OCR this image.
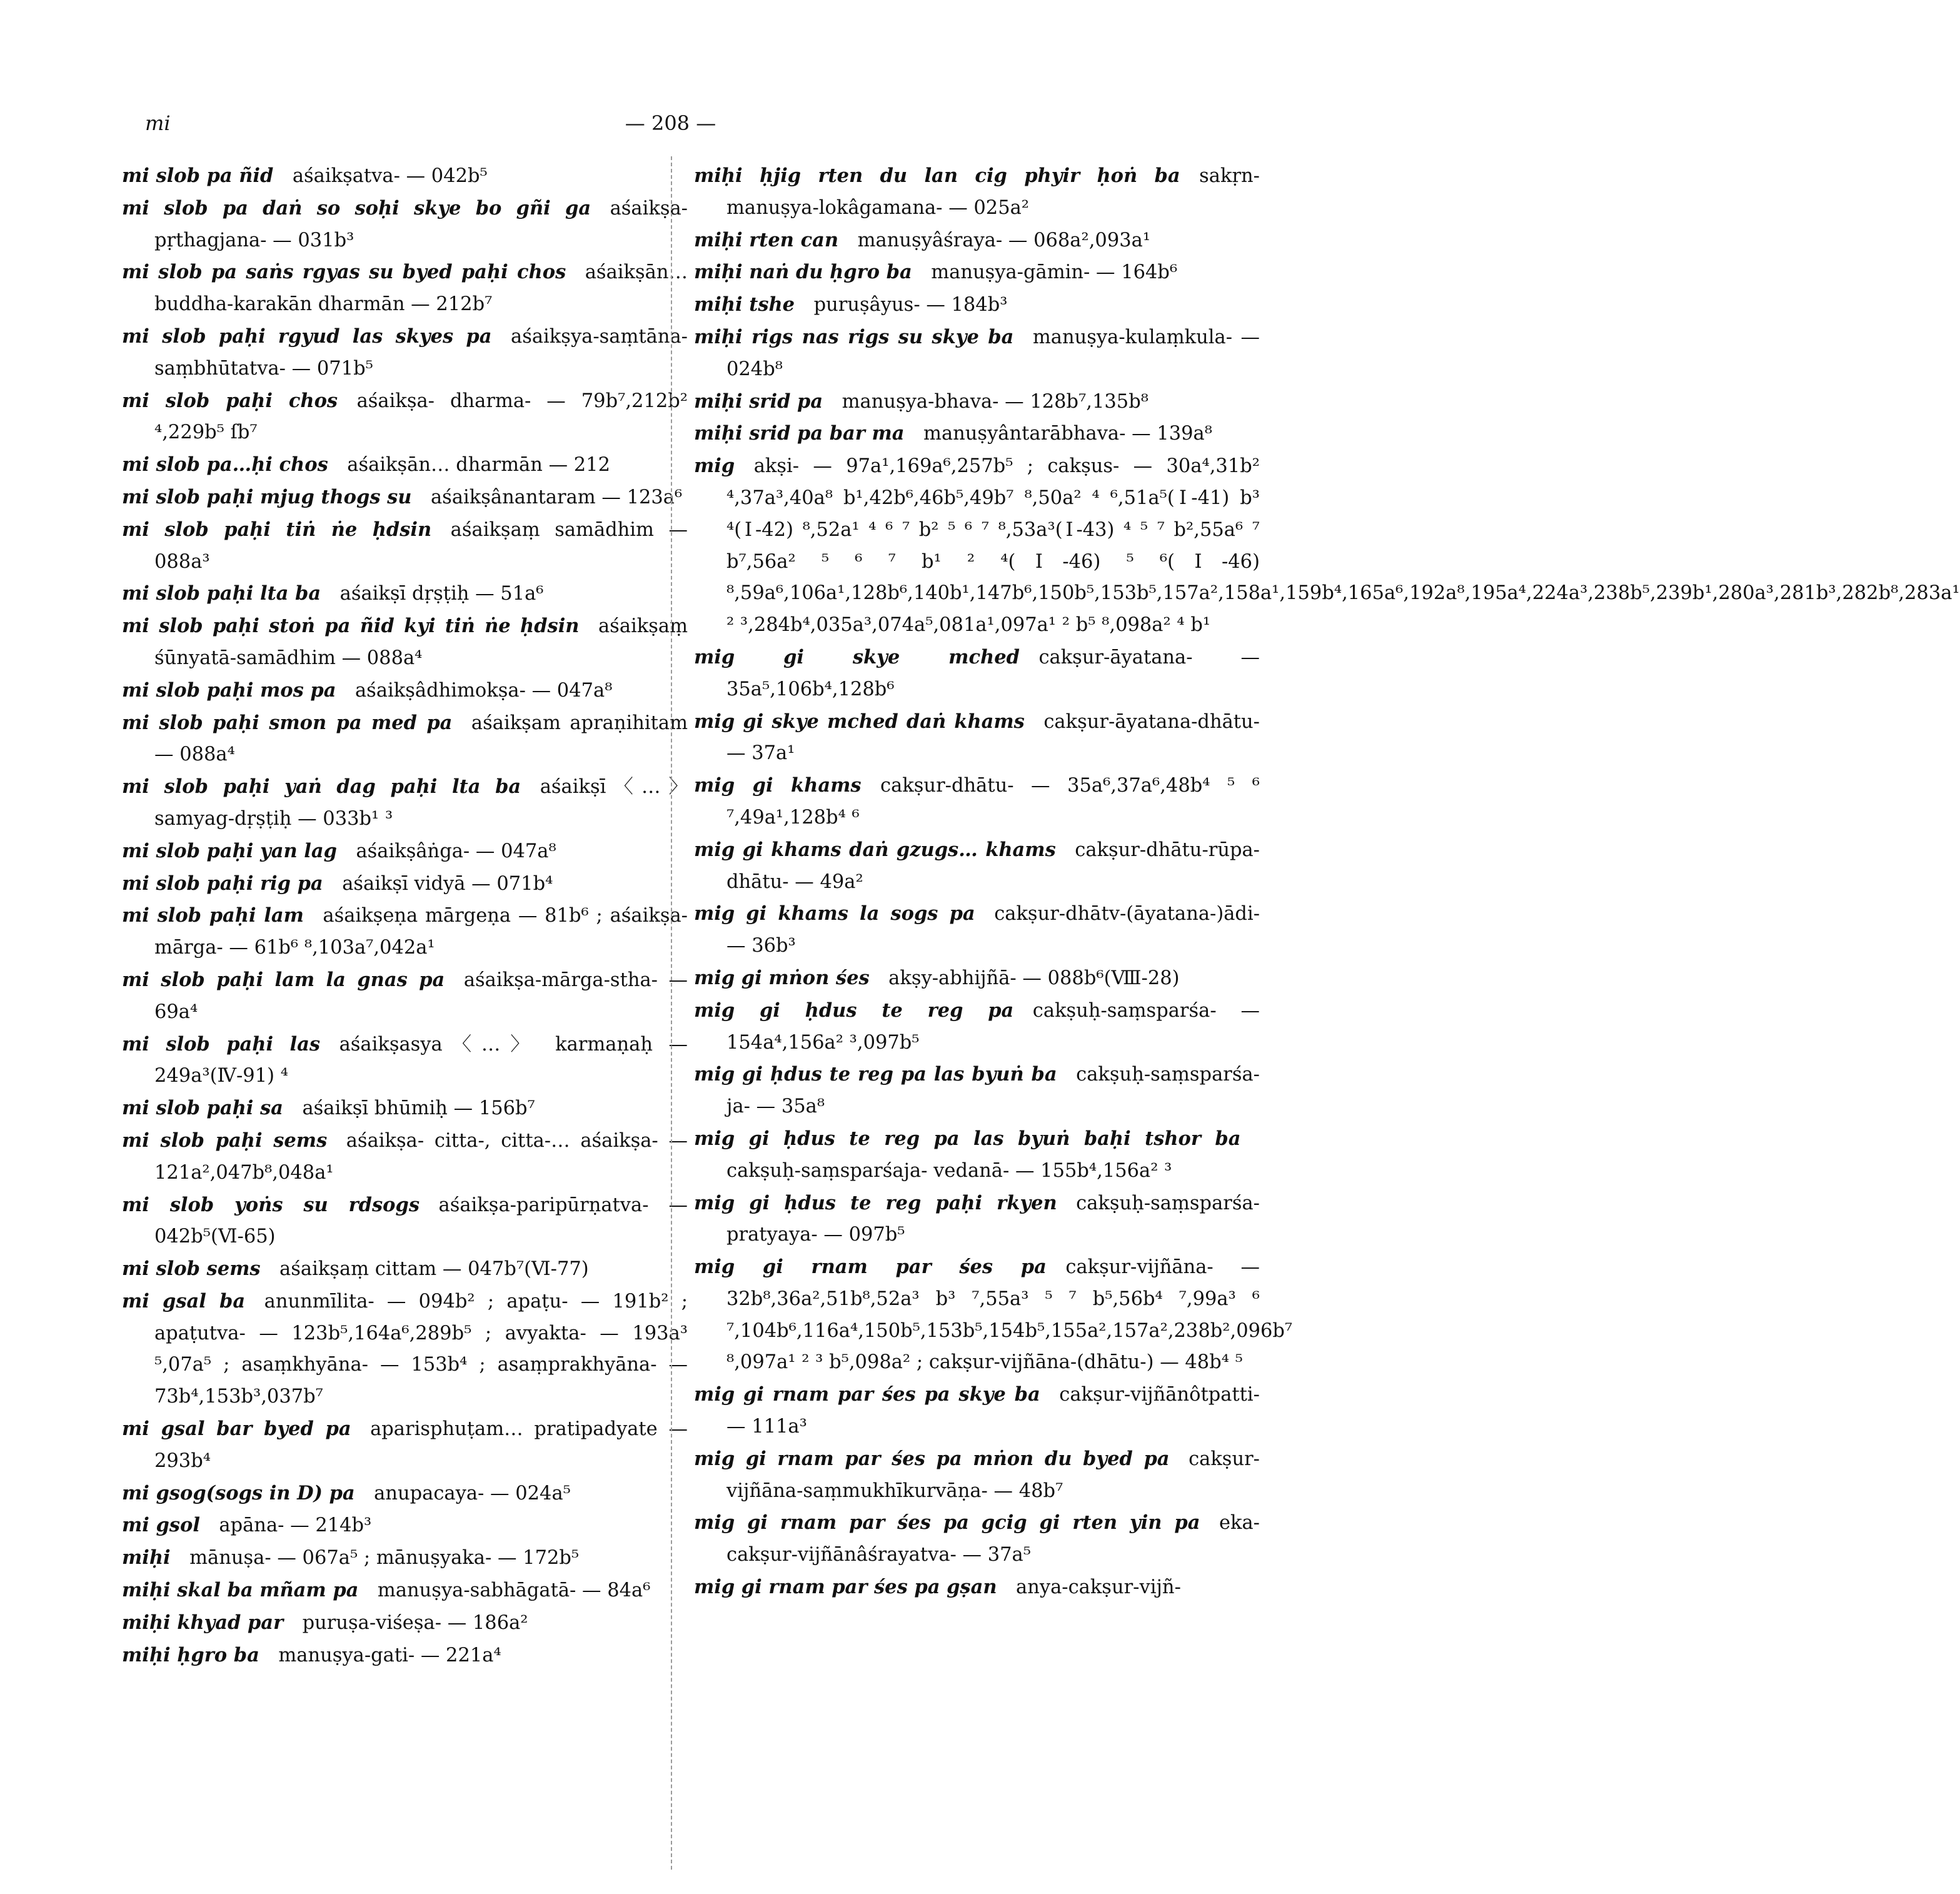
mi	— 208 —

mi slob pa ñid  aśaikṣatva- — 042b⁵

mi slob pa daṅ so soḥi skye bo gñi ga  aśaikṣa-pṛthagjana- — 031b³

mi slob pa saṅs rgyas su byed paḥi chos  aśaikṣān… buddha-karakān dharmān — 212b⁷

mi slob paḥi rgyud las skyes pa  aśaikṣya-saṃtāna-saṃbhūtatva- — 071b⁵

mi slob paḥi chos  aśaikṣa- dharma- — 79b⁷,212b² ⁴,229b⁵ ſb⁷

mi slob pa…ḥi chos  aśaikṣān… dharmān — 212

mi slob paḥi mjug thogs su  aśaikṣânantaram — 123a⁶

mi slob paḥi tiṅ ṅe ḥdsin  aśaikṣaṃ samādhim — 088a³

mi slob paḥi lta ba  aśaikṣī dṛṣṭiḥ — 51a⁶

mi slob paḥi stoṅ pa ñid kyi tiṅ ṅe ḥdsin  aśaikṣaṃ śūnyatā-samādhim — 088a⁴

mi slob paḥi mos pa  aśaikṣâdhimokṣa- — 047a⁸

mi slob paḥi smon pa med pa  aśaikṣam apraṇihitam — 088a⁴

mi slob paḥi yaṅ dag paḥi lta ba  aśaikṣī〈…〉 samyag-dṛṣṭiḥ — 033b¹ ³

mi slob paḥi yan lag  aśaikṣâṅga- — 047a⁸

mi slob paḥi rig pa  aśaikṣī vidyā — 071b⁴

mi slob paḥi lam  aśaikṣeṇa mārgeṇa — 81b⁶ ; aśaikṣa-mārga- — 61b⁶ ⁸,103a⁷,042a¹

mi slob paḥi lam la gnas pa  aśaikṣa-mārga-stha- — 69a⁴

mi slob paḥi las  aśaikṣasya〈…〉 karmaṇaḥ — 249a³(Ⅳ-91) ⁴

mi slob paḥi sa  aśaikṣī bhūmiḥ — 156b⁷

mi slob paḥi sems  aśaikṣa- citta-, citta-… aśaikṣa- — 121a²,047b⁸,048a¹

mi slob yoṅs su rdsogs  aśaikṣa-paripūrṇatva- — 042b⁵(Ⅵ-65)

mi slob sems  aśaikṣaṃ cittam — 047b⁷(Ⅵ-77)

mi gsal ba  anunmīlita- — 094b² ; apaṭu- — 191b² ; apaṭutva- — 123b⁵,164a⁶,289b⁵ ; avyakta- — 193a³ ⁵,07a⁵ ; asaṃkhyāna- — 153b⁴ ; asaṃprakhyāna- — 73b⁴,153b³,037b⁷

mi gsal bar byed pa  aparisphuṭam… pratipadyate — 293b⁴

mi gsog(sogs in D) pa  anupacaya- — 024a⁵

mi gsol  apāna- — 214b³

miḥi  mānuṣa- — 067a⁵ ; mānuṣyaka- — 172b⁵

miḥi skal ba mñam pa  manuṣya-sabhāgatā- — 84a⁶

miḥi khyad par  puruṣa-viśeṣa- — 186a²

miḥi ḥgro ba  manuṣya-gati- — 221a⁴

miḥi ḥjig rten du lan cig phyir ḥoṅ ba  sakṛn-manuṣya-lokâgamana- — 025a²

miḥi rten can  manuṣyâśraya- — 068a²,093a¹

miḥi naṅ du ḥgro ba  manuṣya-gāmin- — 164b⁶

miḥi tshe  puruṣâyus- — 184b³

miḥi rigs nas rigs su skye ba  manuṣya-kulaṃkula- — 024b⁸

miḥi srid pa  manuṣya-bhava- — 128b⁷,135b⁸

miḥi srid pa bar ma  manuṣyântarābhava- — 139a⁸

mig  akṣi- — 97a¹,169a⁶,257b⁵ ; cakṣus- — 30a⁴,31b² ⁴,37a³,40a⁸ b¹,42b⁶,46b⁵,49b⁷ ⁸,50a² ⁴ ⁶,51a⁵(Ⅰ-41) b³ ⁴(Ⅰ-42) ⁸,52a¹ ⁴ ⁶ ⁷ b² ⁵ ⁶ ⁷ ⁸,53a³(Ⅰ-43) ⁴ ⁵ ⁷ b²,55a⁶ ⁷ b⁷,56a² ⁵ ⁶ ⁷ b¹ ² ⁴(Ⅰ-46) ⁵ ⁶(Ⅰ-46) ⁸,59a⁶,106a¹,128b⁶,140b¹,147b⁶,150b⁵,153b⁵,157a²,158a¹,159b⁴,165a⁶,192a⁸,195a⁴,224a³,238b⁵,239b¹,280a³,281b³,282b⁸,283a¹ ² ³,284b⁴,035a³,074a⁵,081a¹,097a¹ ² b⁵ ⁸,098a² ⁴ b¹

mig gi skye mched  cakṣur-āyatana- — 35a⁵,106b⁴,128b⁶

mig gi skye mched daṅ khams  cakṣur-āyatana-dhātu- — 37a¹

mig gi khams  cakṣur-dhātu- — 35a⁶,37a⁶,48b⁴ ⁵ ⁶ ⁷,49a¹,128b⁴ ⁶

mig gi khams daṅ gzugs… khams  cakṣur-dhātu-rūpa-dhātu- — 49a²

mig gi khams la sogs pa  cakṣur-dhātv-(āyatana-)ādi- — 36b³

mig gi mṅon śes  akṣy-abhijñā- — 088b⁶(Ⅷ-28)

mig gi ḥdus te reg pa  cakṣuḥ-saṃsparśa- — 154a⁴,156a² ³,097b⁵

mig gi ḥdus te reg pa las byuṅ ba  cakṣuḥ-saṃsparśa-ja- — 35a⁸

mig gi ḥdus te reg pa las byuṅ baḥi tshor ba cakṣuḥ-saṃsparśaja- vedanā- — 155b⁴,156a² ³

mig gi ḥdus te reg paḥi rkyen  cakṣuḥ-saṃsparśa-pratyaya- — 097b⁵

mig gi rnam par śes pa  cakṣur-vijñāna- — 32b⁸,36a²,51b⁸,52a³ b³ ⁷,55a³ ⁵ ⁷ b⁵,56b⁴ ⁷,99a³ ⁶ ⁷,104b⁶,116a⁴,150b⁵,153b⁵,154b⁵,155a²,157a²,238b²,096b⁷ ⁸,097a¹ ² ³ b⁵,098a² ; cakṣur-vijñāna-(dhātu-) — 48b⁴ ⁵

mig gi rnam par śes pa skye ba  cakṣur-vijñānôtpatti- — 111a³

mig gi rnam par śes pa mṅon du byed pa  cakṣur-vijñāna-saṃmukhīkurvāṇa- — 48b⁷

mig gi rnam par śes pa gcig gi rten yin pa  eka-cakṣur-vijñānâśrayatva- — 37a⁵

mig gi rnam par śes pa gṣan  anya-cakṣur-vijñ-
